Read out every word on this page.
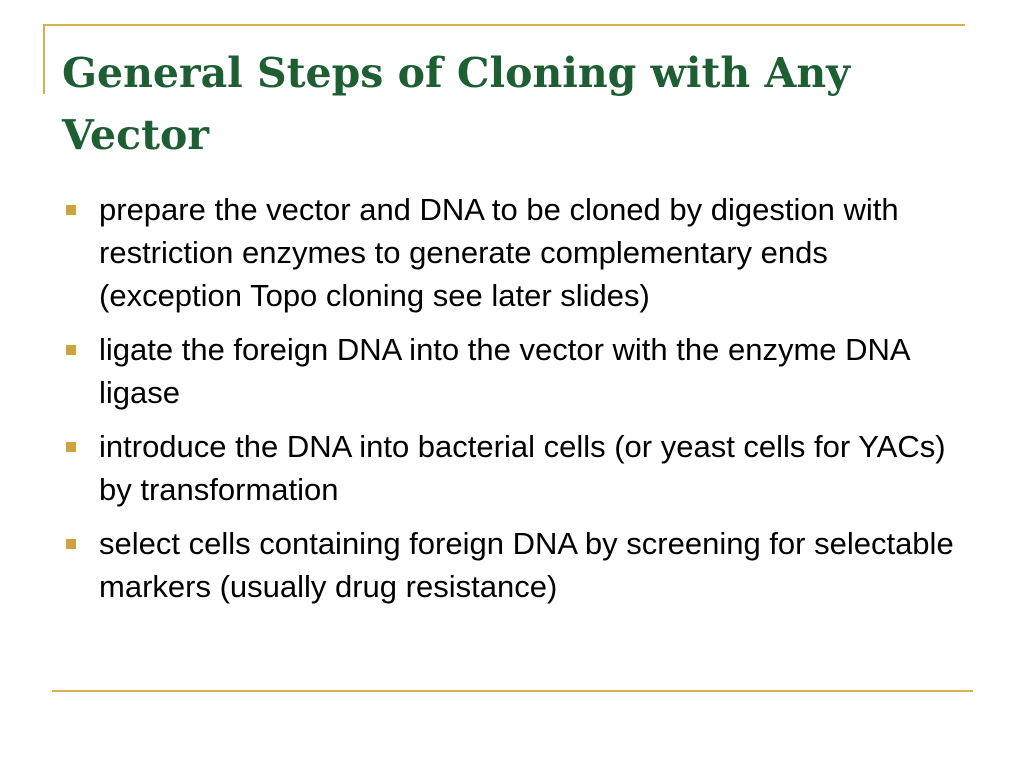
General Steps of Cloning with Any Vector
prepare the vector and DNA to be cloned by digestion with restriction enzymes to generate complementary ends (exception Topo cloning see later slides)
ligate the foreign DNA into the vector with the enzyme DNA ligase
introduce the DNA into bacterial cells (or yeast cells for YACs) by transformation
select cells containing foreign DNA by screening for selectable markers (usually drug resistance)
